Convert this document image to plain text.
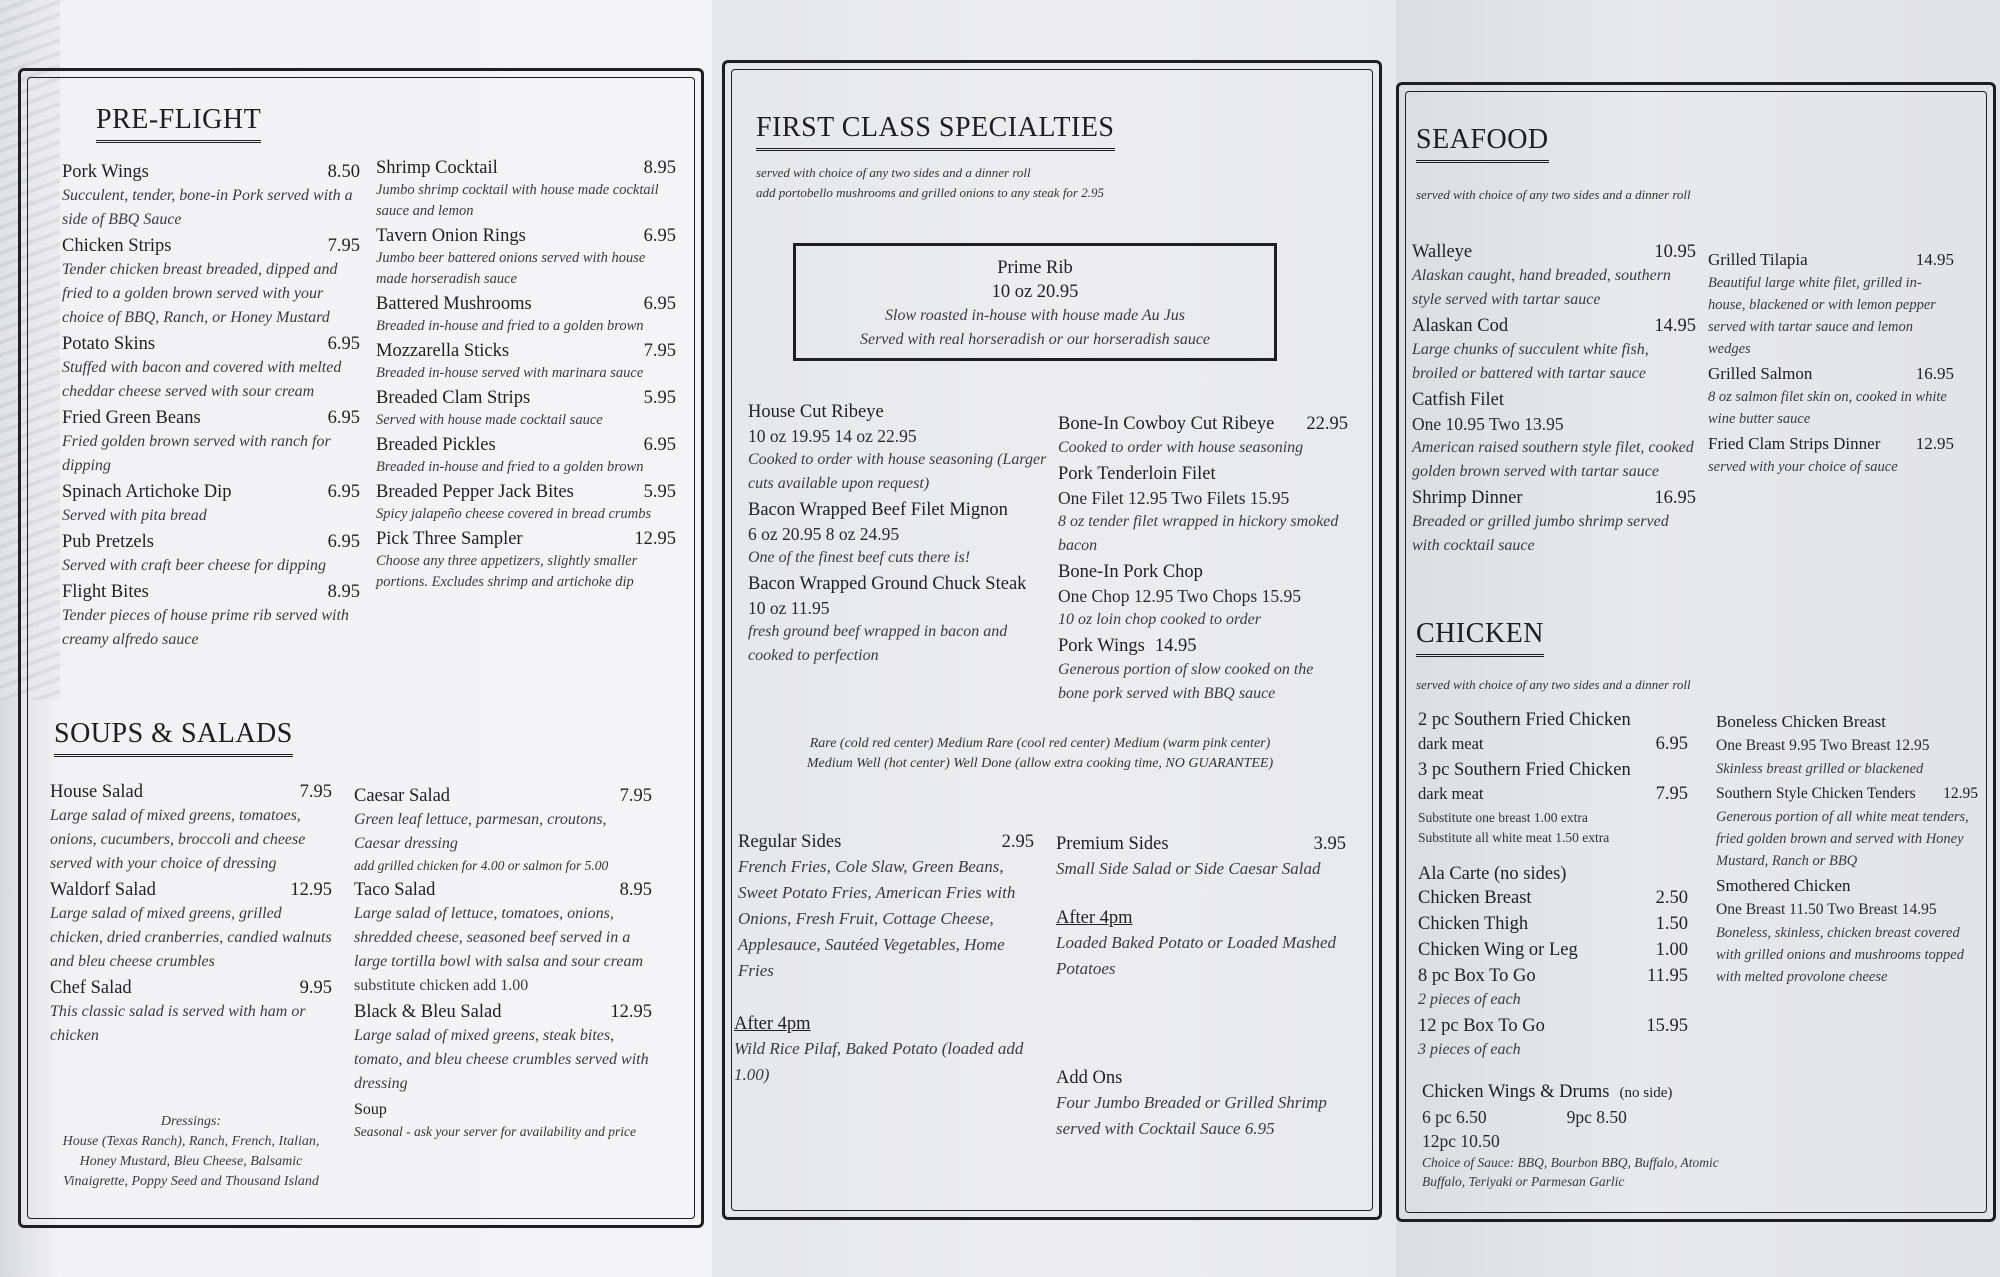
PRE-FLIGHT
Pork Wings	8.50
Succulent, tender, bone-in Pork served with a side of BBQ Sauce
Chicken Strips	7.95
Tender chicken breast breaded, dipped and fried to a golden brown served with your choice of BBQ, Ranch, or Honey Mustard
Potato Skins	6.95
Stuffed with bacon and covered with melted cheddar cheese served with sour cream
Fried Green Beans	6.95
Fried golden brown served with ranch for dipping
Spinach Artichoke Dip	6.95
Served with pita bread
Pub Pretzels	6.95
Served with craft beer cheese for dipping
Flight Bites	8.95
Tender pieces of house prime rib served with creamy alfredo sauce
Shrimp Cocktail	8.95
Jumbo shrimp cocktail with house made cocktail sauce and lemon
Tavern Onion Rings	6.95
Jumbo beer battered onions served with house made horseradish sauce
Battered Mushrooms	6.95
Breaded in-house and fried to a golden brown
Mozzarella Sticks	7.95
Breaded in-house served with marinara sauce
Breaded Clam Strips	5.95
Served with house made cocktail sauce
Breaded Pickles	6.95
Breaded in-house and fried to a golden brown
Breaded Pepper Jack Bites	5.95
Spicy jalapeño cheese covered in bread crumbs
Pick Three Sampler	12.95
Choose any three appetizers, slightly smaller portions. Excludes shrimp and artichoke dip
SOUPS & SALADS
House Salad	7.95
Large salad of mixed greens, tomatoes, onions, cucumbers, broccoli and cheese served with your choice of dressing
Waldorf Salad	12.95
Large salad of mixed greens, grilled chicken, dried cranberries, candied walnuts and bleu cheese crumbles
Chef Salad	9.95
This classic salad is served with ham or chicken
Dressings:
House (Texas Ranch), Ranch, French, Italian, Honey Mustard, Bleu Cheese, Balsamic Vinaigrette, Poppy Seed and Thousand Island
Caesar Salad	7.95
Green leaf lettuce, parmesan, croutons, Caesar dressing
add grilled chicken for 4.00 or salmon for 5.00
Taco Salad	8.95
Large salad of lettuce, tomatoes, onions, shredded cheese, seasoned beef served in a large tortilla bowl with salsa and sour cream
substitute chicken add 1.00
Black & Bleu Salad	12.95
Large salad of mixed greens, steak bites, tomato, and bleu cheese crumbles served with dressing
Soup
Seasonal - ask your server for availability and price
FIRST CLASS SPECIALTIES
served with choice of any two sides and a dinner roll
add portobello mushrooms and grilled onions to any steak for 2.95
Prime Rib
10 oz 20.95
Slow roasted in-house with house made Au Jus
Served with real horseradish or our horseradish sauce
House Cut Ribeye
10 oz 19.95 14 oz 22.95
Cooked to order with house seasoning (Larger cuts available upon request)
Bacon Wrapped Beef Filet Mignon
6 oz 20.95 8 oz 24.95
One of the finest beef cuts there is!
Bacon Wrapped Ground Chuck Steak
10 oz 11.95
fresh ground beef wrapped in bacon and cooked to perfection
Bone-In Cowboy Cut Ribeye	22.95
Cooked to order with house seasoning
Pork Tenderloin Filet
One Filet 12.95 Two Filets 15.95
8 oz tender filet wrapped in hickory smoked bacon
Bone-In Pork Chop
One Chop 12.95 Two Chops 15.95
10 oz loin chop cooked to order
Pork Wings 14.95
Generous portion of slow cooked on the bone pork served with BBQ sauce
Rare (cold red center) Medium Rare (cool red center) Medium (warm pink center)
Medium Well (hot center) Well Done (allow extra cooking time, NO GUARANTEE)
Regular Sides	2.95
French Fries, Cole Slaw, Green Beans, Sweet Potato Fries, American Fries with Onions, Fresh Fruit, Cottage Cheese, Applesauce, Sautéed Vegetables, Home Fries
After 4pm
Wild Rice Pilaf, Baked Potato (loaded add 1.00)
Premium Sides	3.95
Small Side Salad or Side Caesar Salad
After 4pm
Loaded Baked Potato or Loaded Mashed Potatoes
Add Ons
Four Jumbo Breaded or Grilled Shrimp served with Cocktail Sauce 6.95
SEAFOOD
served with choice of any two sides and a dinner roll
Walleye	10.95
Alaskan caught, hand breaded, southern style served with tartar sauce
Alaskan Cod	14.95
Large chunks of succulent white fish, broiled or battered with tartar sauce
Catfish Filet
One 10.95 Two 13.95
American raised southern style filet, cooked golden brown served with tartar sauce
Shrimp Dinner	16.95
Breaded or grilled jumbo shrimp served with cocktail sauce
Grilled Tilapia	14.95
Beautiful large white filet, grilled in-house, blackened or with lemon pepper served with tartar sauce and lemon wedges
Grilled Salmon	16.95
8 oz salmon filet skin on, cooked in white wine butter sauce
Fried Clam Strips Dinner	12.95
served with your choice of sauce
CHICKEN
served with choice of any two sides and a dinner roll
2 pc Southern Fried Chicken
dark meat	6.95
3 pc Southern Fried Chicken
dark meat	7.95
Substitute one breast 1.00 extra
Substitute all white meat 1.50 extra
Ala Carte (no sides)
Chicken Breast	2.50
Chicken Thigh	1.50
Chicken Wing or Leg	1.00
8 pc Box To Go	11.95
2 pieces of each
12 pc Box To Go	15.95
3 pieces of each
Chicken Wings & Drums (no side)
6 pc 6.50	9pc 8.50
12pc 10.50
Choice of Sauce: BBQ, Bourbon BBQ, Buffalo, Atomic Buffalo, Teriyaki or Parmesan Garlic
Boneless Chicken Breast
One Breast 9.95 Two Breast 12.95
Skinless breast grilled or blackened
Southern Style Chicken Tenders	12.95
Generous portion of all white meat tenders, fried golden brown and served with Honey Mustard, Ranch or BBQ
Smothered Chicken
One Breast 11.50 Two Breast 14.95
Boneless, skinless, chicken breast covered with grilled onions and mushrooms topped with melted provolone cheese
